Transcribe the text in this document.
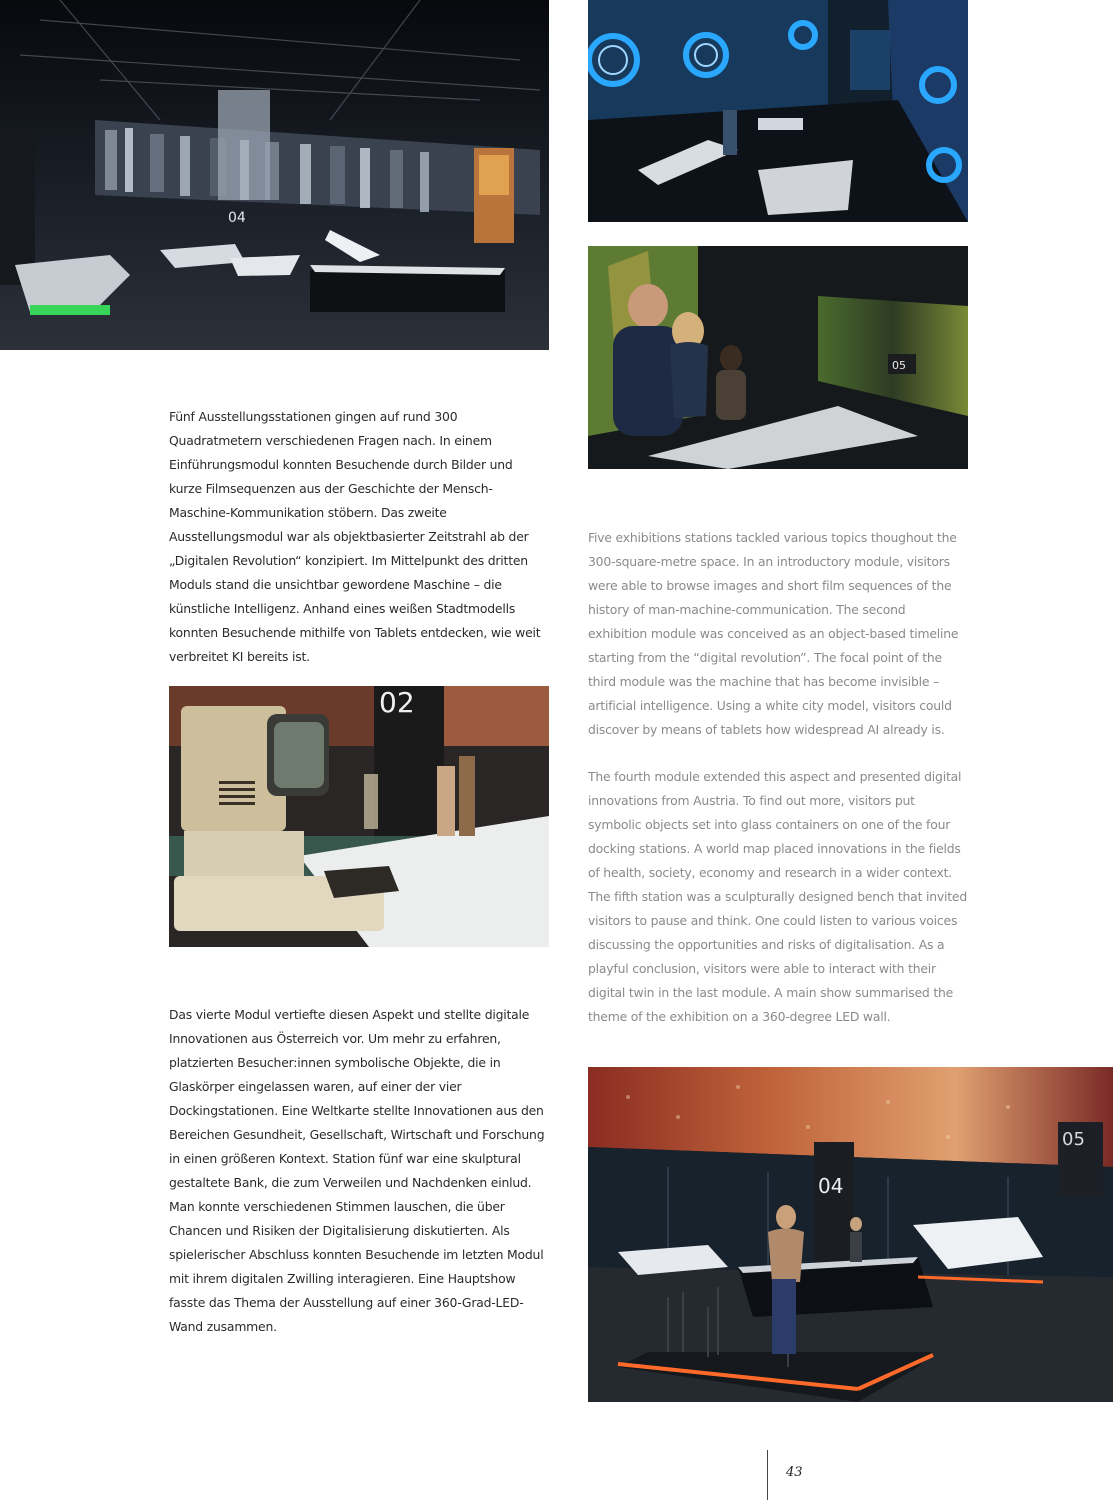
04
05

Fünf Ausstellungsstationen gingen auf rund 300 Quadratmetern verschiedenen Fragen nach. In einem Einführungsmodul konnten Besuchende durch Bilder und kurze Filmsequenzen aus der Geschichte der Mensch-Maschine-Kommunikation stöbern. Das zweite Ausstellungsmodul war als objektbasierter Zeitstrahl ab der „Digitalen Revolution“ konzipiert. Im Mittelpunkt des dritten Moduls stand die unsichtbar gewordene Maschine – die künstliche Intelligenz. Anhand eines weißen Stadtmodells konnten Besuchende mithilfe von Tablets entdecken, wie weit verbreitet KI bereits ist.

Five exhibitions stations tackled various topics thoughout the 300-square-metre space. In an introductory module, visitors were able to browse images and short film sequences of the history of man-machine-communication. The second exhibition module was conceived as an object-based timeline starting from the “digital revolution”. The focal point of the third module was the machine that has become invisible – artificial intelligence. Using a white city model, visitors could discover by means of tablets how widespread AI already is.

02

The fourth module extended this aspect and presented digital innovations from Austria. To find out more, visitors put symbolic objects set into glass containers on one of the four docking stations. A world map placed innovations in the fields of health, society, economy and research in a wider context. The fifth station was a sculpturally designed bench that invited visitors to pause and think. One could listen to various voices discussing the opportunities and risks of digitalisation. As a playful conclusion, visitors were able to interact with their digital twin in the last module. A main show summarised the theme of the exhibition on a 360-degree LED wall.

Das vierte Modul vertiefte diesen Aspekt und stellte digitale Innovationen aus Österreich vor. Um mehr zu erfahren, platzierten Besucher:innen symbolische Objekte, die in Glaskörper eingelassen waren, auf einer der vier Dockingstationen. Eine Weltkarte stellte Innovationen aus den Bereichen Gesundheit, Gesellschaft, Wirtschaft und Forschung in einen größeren Kontext. Station fünf war eine skulptural gestaltete Bank, die zum Verweilen und Nachdenken einlud. Man konnte verschiedenen Stimmen lauschen, die über Chancen und Risiken der Digitalisierung diskutierten. Als spielerischer Abschluss konnten Besuchende im letzten Modul mit ihrem digitalen Zwilling interagieren. Eine Hauptshow fasste das Thema der Ausstellung auf einer 360-Grad-LED-Wand zusammen.

05
04
43
